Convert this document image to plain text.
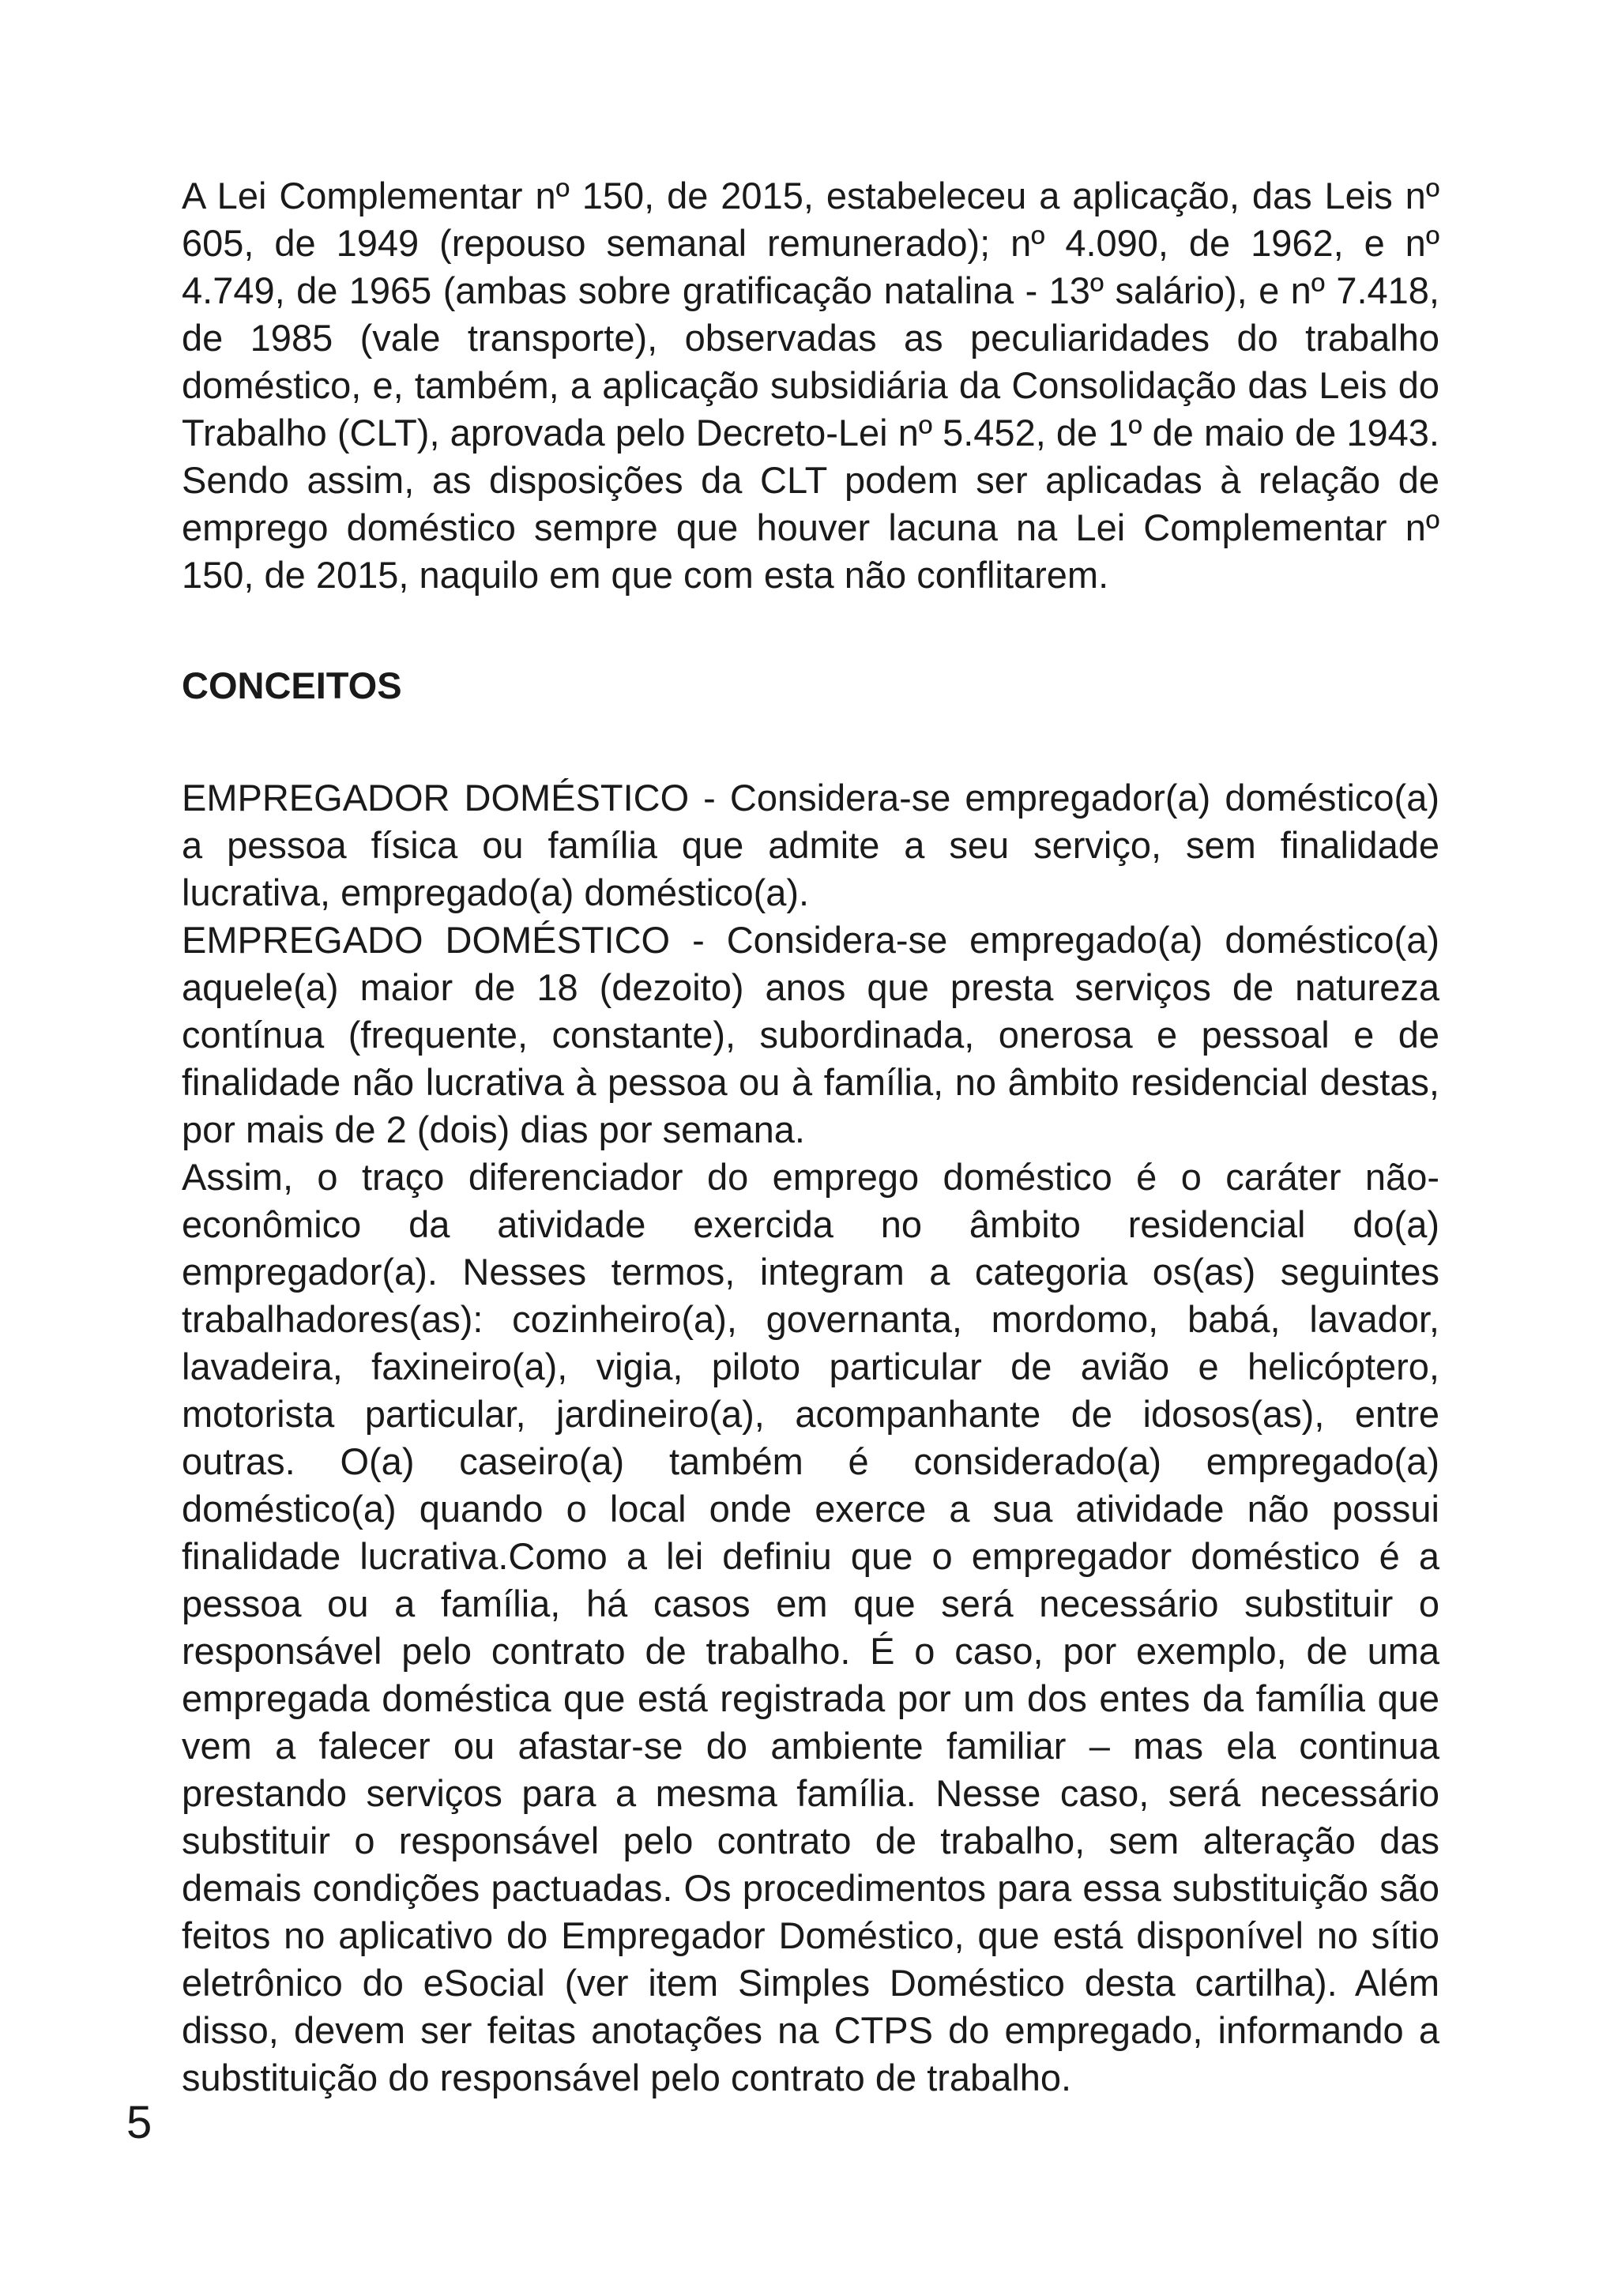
A Lei Complementar nº 150, de 2015, estabeleceu a aplicação, das Leis nº 605, de 1949 (repouso semanal remunerado); nº 4.090, de 1962, e nº 4.749, de 1965 (ambas sobre gratificação natalina - 13º salário), e nº 7.418, de 1985 (vale transporte), observadas as peculiaridades do trabalho doméstico, e, também, a aplicação subsidiária da Consolidação das Leis do Trabalho (CLT), aprovada pelo Decreto-Lei nº 5.452, de 1º de maio de 1943. Sendo assim, as disposições da CLT podem ser aplicadas à relação de emprego doméstico sempre que houver lacuna na Lei Complementar nº 150, de 2015, naquilo em que com esta não conflitarem.

CONCEITOS

EMPREGADOR DOMÉSTICO - Considera-se empregador(a) doméstico(a) a pessoa física ou família que admite a seu serviço, sem finalidade lucrativa, empregado(a) doméstico(a).

EMPREGADO DOMÉSTICO - Considera-se empregado(a) doméstico(a) aquele(a) maior de 18 (dezoito) anos que presta serviços de natureza contínua (frequente, constante), subordinada, onerosa e pessoal e de finalidade não lucrativa à pessoa ou à família, no âmbito residencial destas, por mais de 2 (dois) dias por semana.

Assim, o traço diferenciador do emprego doméstico é o caráter não-econômico da atividade exercida no âmbito residencial do(a) empregador(a). Nesses termos, integram a categoria os(as) seguintes trabalhadores(as): cozinheiro(a), governanta, mordomo, babá, lavador, lavadeira, faxineiro(a), vigia, piloto particular de avião e helicóptero, motorista particular, jardineiro(a), acompanhante de idosos(as), entre outras. O(a) caseiro(a) também é considerado(a) empregado(a) doméstico(a) quando o local onde exerce a sua atividade não possui finalidade lucrativa.Como a lei definiu que o empregador doméstico é a pessoa ou a família, há casos em que será necessário substituir o responsável pelo contrato de trabalho. É o caso, por exemplo, de uma empregada doméstica que está registrada por um dos entes da família que vem a falecer ou afastar-se do ambiente familiar – mas ela continua prestando serviços para a mesma família. Nesse caso, será necessário substituir o responsável pelo contrato de trabalho, sem alteração das demais condições pactuadas. Os procedimentos para essa substituição são feitos no aplicativo do Empregador Doméstico, que está disponível no sítio eletrônico do eSocial (ver item Simples Doméstico desta cartilha). Além disso, devem ser feitas anotações na CTPS do empregado, informando a substituição do responsável pelo contrato de trabalho.

5
